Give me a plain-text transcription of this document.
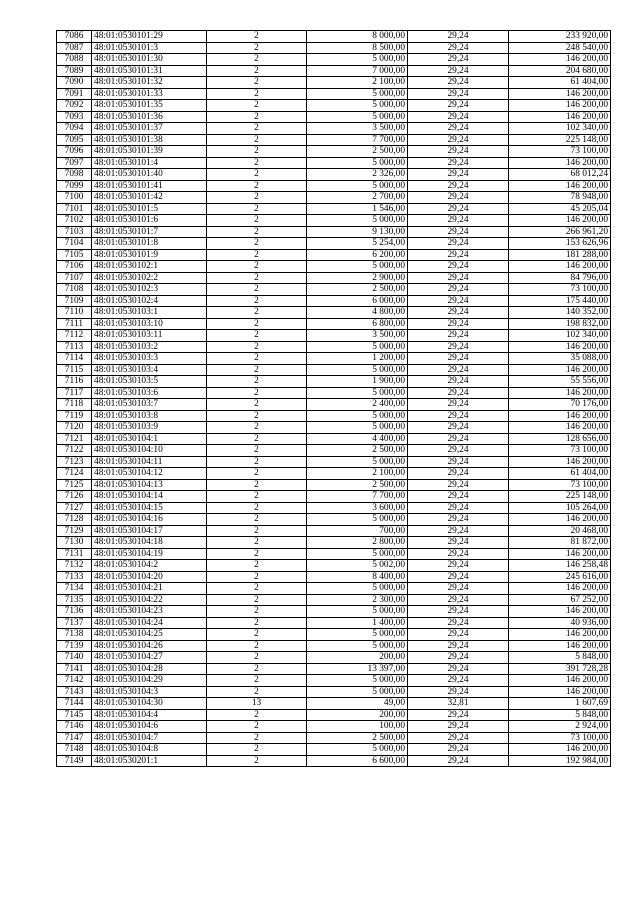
7086	48:01:0530101:29	2	8 000,00	29,24	233 920,00
7087	48:01:0530101:3	2	8 500,00	29,24	248 540,00
7088	48:01:0530101:30	2	5 000,00	29,24	146 200,00
7089	48:01:0530101:31	2	7 000,00	29,24	204 680,00
7090	48:01:0530101:32	2	2 100,00	29,24	61 404,00
7091	48:01:0530101:33	2	5 000,00	29,24	146 200,00
7092	48:01:0530101:35	2	5 000,00	29,24	146 200,00
7093	48:01:0530101:36	2	5 000,00	29,24	146 200,00
7094	48:01:0530101:37	2	3 500,00	29,24	102 340,00
7095	48:01:0530101:38	2	7 700,00	29,24	225 148,00
7096	48:01:0530101:39	2	2 500,00	29,24	73 100,00
7097	48:01:0530101:4	2	5 000,00	29,24	146 200,00
7098	48:01:0530101:40	2	2 326,00	29,24	68 012,24
7099	48:01:0530101:41	2	5 000,00	29,24	146 200,00
7100	48:01:0530101:42	2	2 700,00	29,24	78 948,00
7101	48:01:0530101:5	2	1 546,00	29,24	45 205,04
7102	48:01:0530101:6	2	5 000,00	29,24	146 200,00
7103	48:01:0530101:7	2	9 130,00	29,24	266 961,20
7104	48:01:0530101:8	2	5 254,00	29,24	153 626,96
7105	48:01:0530101:9	2	6 200,00	29,24	181 288,00
7106	48:01:0530102:1	2	5 000,00	29,24	146 200,00
7107	48:01:0530102:2	2	2 900,00	29,24	84 796,00
7108	48:01:0530102:3	2	2 500,00	29,24	73 100,00
7109	48:01:0530102:4	2	6 000,00	29,24	175 440,00
7110	48:01:0530103:1	2	4 800,00	29,24	140 352,00
7111	48:01:0530103:10	2	6 800,00	29,24	198 832,00
7112	48:01:0530103:11	2	3 500,00	29,24	102 340,00
7113	48:01:0530103:2	2	5 000,00	29,24	146 200,00
7114	48:01:0530103:3	2	1 200,00	29,24	35 088,00
7115	48:01:0530103:4	2	5 000,00	29,24	146 200,00
7116	48:01:0530103:5	2	1 900,00	29,24	55 556,00
7117	48:01:0530103:6	2	5 000,00	29,24	146 200,00
7118	48:01:0530103:7	2	2 400,00	29,24	70 176,00
7119	48:01:0530103:8	2	5 000,00	29,24	146 200,00
7120	48:01:0530103:9	2	5 000,00	29,24	146 200,00
7121	48:01:0530104:1	2	4 400,00	29,24	128 656,00
7122	48:01:0530104:10	2	2 500,00	29,24	73 100,00
7123	48:01:0530104:11	2	5 000,00	29,24	146 200,00
7124	48:01:0530104:12	2	2 100,00	29,24	61 404,00
7125	48:01:0530104:13	2	2 500,00	29,24	73 100,00
7126	48:01:0530104:14	2	7 700,00	29,24	225 148,00
7127	48:01:0530104:15	2	3 600,00	29,24	105 264,00
7128	48:01:0530104:16	2	5 000,00	29,24	146 200,00
7129	48:01:0530104:17	2	700,00	29,24	20 468,00
7130	48:01:0530104:18	2	2 800,00	29,24	81 872,00
7131	48:01:0530104:19	2	5 000,00	29,24	146 200,00
7132	48:01:0530104:2	2	5 002,00	29,24	146 258,48
7133	48:01:0530104:20	2	8 400,00	29,24	245 616,00
7134	48:01:0530104:21	2	5 000,00	29,24	146 200,00
7135	48:01:0530104:22	2	2 300,00	29,24	67 252,00
7136	48:01:0530104:23	2	5 000,00	29,24	146 200,00
7137	48:01:0530104:24	2	1 400,00	29,24	40 936,00
7138	48:01:0530104:25	2	5 000,00	29,24	146 200,00
7139	48:01:0530104:26	2	5 000,00	29,24	146 200,00
7140	48:01:0530104:27	2	200,00	29,24	5 848,00
7141	48:01:0530104:28	2	13 397,00	29,24	391 728,28
7142	48:01:0530104:29	2	5 000,00	29,24	146 200,00
7143	48:01:0530104:3	2	5 000,00	29,24	146 200,00
7144	48:01:0530104:30	13	49,00	32,81	1 607,69
7145	48:01:0530104:4	2	200,00	29,24	5 848,00
7146	48:01:0530104:6	2	100,00	29,24	2 924,00
7147	48:01:0530104:7	2	2 500,00	29,24	73 100,00
7148	48:01:0530104:8	2	5 000,00	29,24	146 200,00
7149	48:01:0530201:1	2	6 600,00	29,24	192 984,00
